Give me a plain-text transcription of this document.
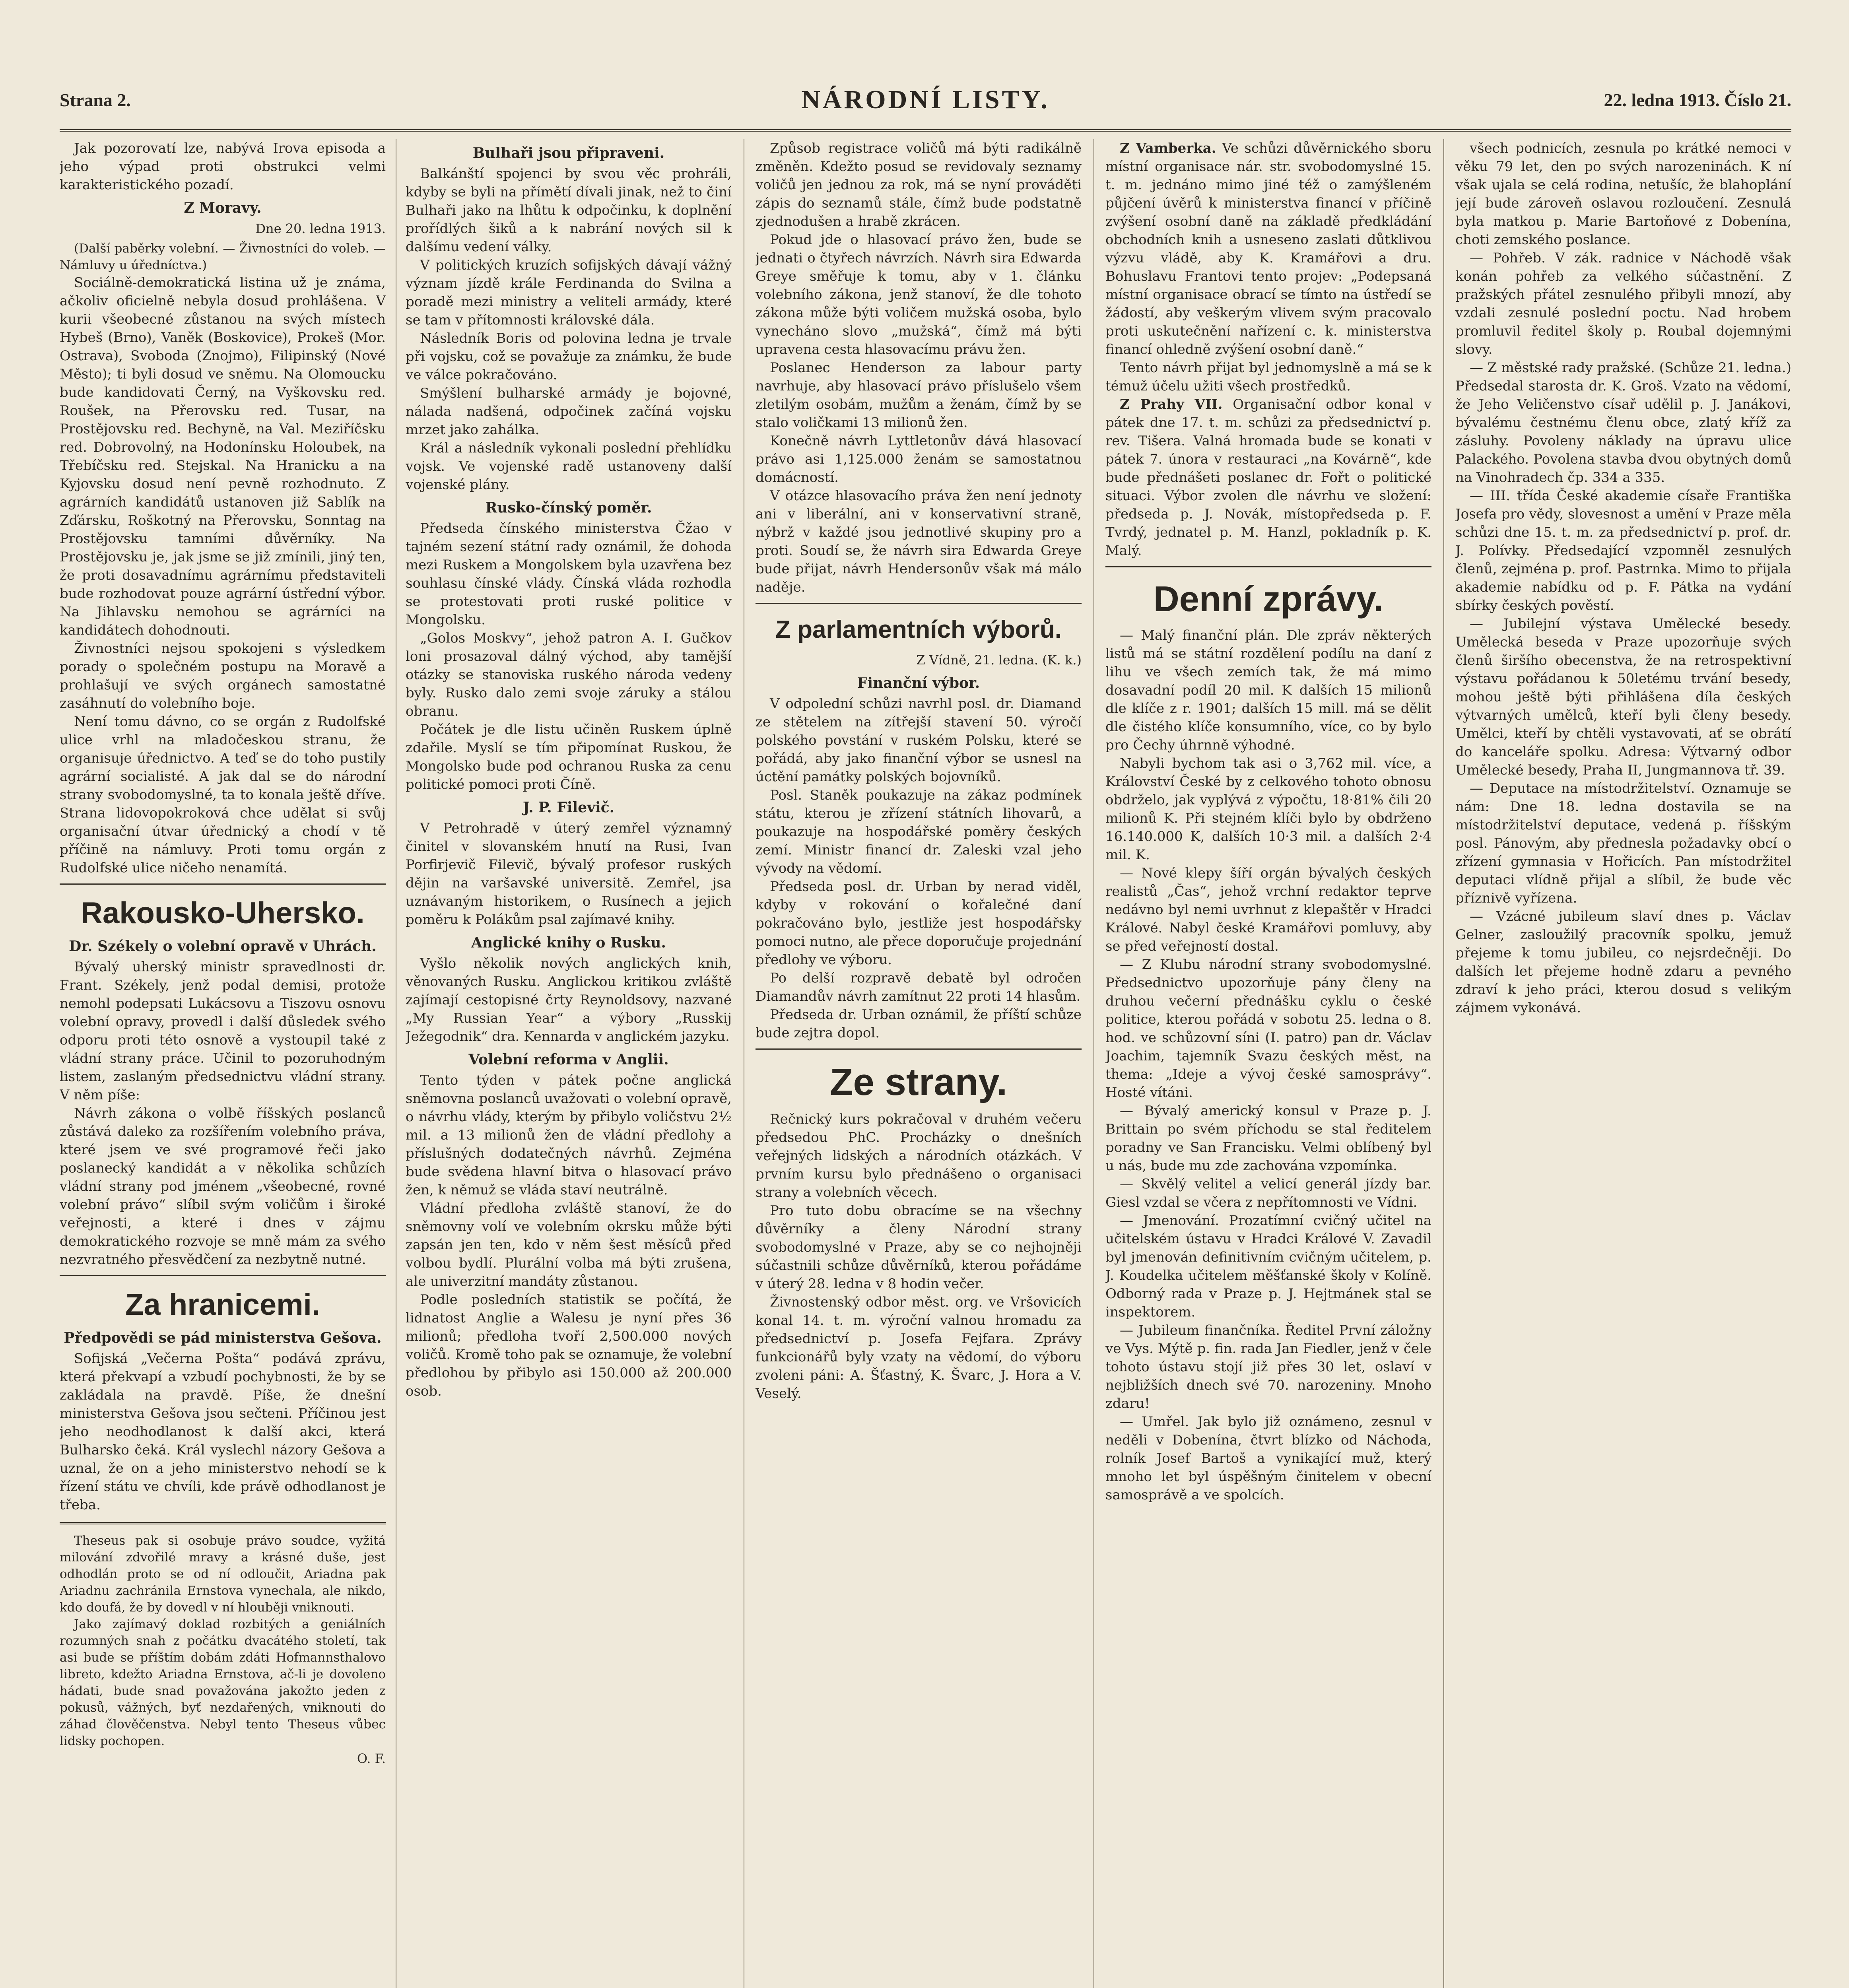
Strana 2.	NÁRODNÍ LISTY.	22. ledna 1913. Číslo 21.

Jak pozorovatí lze, nabývá Irova episoda a jeho výpad proti obstrukci velmi karakteristického pozadí.

Z Moravy.
Dne 20. ledna 1913.

(Další paběrky volební. — Živnostníci do voleb. — Námluvy u úředníctva.)

Sociálně-demokratická listina už je známa, ačkoliv oficielně nebyla dosud prohlášena. V kurii všeobecné zůstanou na svých místech Hybeš (Brno), Vaněk (Boskovice), Prokeš (Mor. Ostrava), Svoboda (Znojmo), Filipinský (Nové Město); ti byli dosud ve sněmu. Na Olomoucku bude kandidovati Černý, na Vyškovsku red. Roušek, na Přerovsku red. Tusar, na Prostějovsku red. Bechyně, na Val. Meziříčsku red. Dobrovolný, na Hodonínsku Holoubek, na Třebíčsku red. Stejskal. Na Hranicku a na Kyjovsku dosud není pevně rozhodnuto. Z agrárních kandidátů ustanoven již Sablík na Zďársku, Roškotný na Přerovsku, Sonntag na Prostějovsku tamními důvěrníky. Na Prostějovsku je, jak jsme se již zmínili, jiný ten, že proti dosavadnímu agrárnímu představiteli bude rozhodovat pouze agrární ústřední výbor. Na Jihlavsku nemohou se agrárníci na kandidátech dohodnouti.

Živnostníci nejsou spokojeni s výsledkem porady o společném postupu na Moravě a prohlašují ve svých orgánech samostatné zasáhnutí do volebního boje.

Není tomu dávno, co se orgán z Rudolfské ulice vrhl na mladočeskou stranu, že organisuje úřednictvo. A teď se do toho pustily agrární socialisté. A jak dal se do národní strany svobodomyslné, ta to konala ještě dříve. Strana lidovopokroková chce udělat si svůj organisační útvar úřednický a chodí v tě příčině na námluvy. Proti tomu orgán z Rudolfské ulice ničeho nenamítá.

Rakousko-Uhersko.
Dr. Székely o volební opravě v Uhrách.

Bývalý uherský ministr spravedlnosti dr. Frant. Székely, jenž podal demisi, protože nemohl podepsati Lukácsovu a Tiszovu osnovu volební opravy, provedl i další důsledek svého odporu proti této osnově a vystoupil také z vládní strany práce. Učinil to pozoruhodným listem, zaslaným předsednictvu vládní strany. V něm píše:

Návrh zákona o volbě říšských poslanců zůstává daleko za rozšířením volebního práva, které jsem ve své programové řeči jako poslanecký kandidát a v několika schůzích vládní strany pod jménem „všeobecné, rovné volební právo“ slíbil svým voličům i široké veřejnosti, a které i dnes v zájmu demokratického rozvoje se mně mám za svého nezvratného přesvědčení za nezbytně nutné.

Za hranicemi.
Předpovědi se pád ministerstva Gešova.

Sofijská „Večerna Pošta“ podává zprávu, která překvapí a vzbudí pochybnosti, že by se zakládala na pravdě. Píše, že dnešní ministerstva Gešova jsou sečteni. Příčinou jest jeho neodhodlanost k další akci, která Bulharsko čeká. Král vyslechl názory Gešova a uznal, že on a jeho ministerstvo nehodí se k řízení státu ve chvíli, kde právě odhodlanost je třeba.

Theseus pak si osobuje právo soudce, vyžitá milování zdvořilé mravy a krásné duše, jest odhodlán proto se od ní odloučit, Ariadna pak Ariadnu zachránila Ernstova vynechala, ale nikdo, kdo doufá, že by dovedl v ní hlouběji vniknouti.

Jako zajímavý doklad rozbitých a geniálních rozumných snah z počátku dvacátého století, tak asi bude se příštím dobám zdáti Hofmannsthalovo libreto, kdežto Ariadna Ernstova, ač-li je dovoleno hádati, bude snad považována jakožto jeden z pokusů, vážných, byť nezdařených, vniknouti do záhad člověčenstva. Nebyl tento Theseus vůbec lidsky pochopen.

O. F.
Bulhaři jsou připraveni.

Balkánští spojenci by svou věc prohráli, kdyby se byli na přímětí dívali jinak, než to činí Bulhaři jako na lhůtu k odpočinku, k doplnění prořídlých šiků a k nabrání nových sil k dalšímu vedení války.

V politických kruzích sofijských dávají vážný význam jízdě krále Ferdinanda do Svilna a poradě mezi ministry a veliteli armády, které se tam v přítomnosti královské dála.

Následník Boris od polovina ledna je trvale při vojsku, což se považuje za známku, že bude ve válce pokračováno.

Smýšlení bulharské armády je bojovné, nálada nadšená, odpočinek začíná vojsku mrzet jako zahálka.

Král a následník vykonali poslední přehlídku vojsk. Ve vojenské radě ustanoveny další vojenské plány.

Rusko-čínský poměr.

Předseda čínského ministerstva Čžao v tajném sezení státní rady oznámil, že dohoda mezi Ruskem a Mongolskem byla uzavřena bez souhlasu čínské vlády. Čínská vláda rozhodla se protestovati proti ruské politice v Mongolsku.

„Golos Moskvy“, jehož patron A. I. Gučkov loni prosazoval dálný východ, aby tamější otázky se stanoviska ruského národa vedeny byly. Rusko dalo zemi svoje záruky a stálou obranu.

Počátek je dle listu učiněn Ruskem úplně zdařile. Myslí se tím připomínat Ruskou, že Mongolsko bude pod ochranou Ruska za cenu politické pomoci proti Číně.

J. P. Filevič.

V Petrohradě v úterý zemřel významný činitel v slovanském hnutí na Rusi, Ivan Porfirjevič Filevič, bývalý profesor ruských dějin na varšavské universitě. Zemřel, jsa uznávaným historikem, o Rusínech a jejich poměru k Polákům psal zajímavé knihy.

Anglické knihy o Rusku.

Vyšlo několik nových anglických knih, věnovaných Rusku. Anglickou kritikou zvláště zajímají cestopisné črty Reynoldsovy, nazvané „My Russian Year“ a výbory „Russkij Ježegodnik“ dra. Kennarda v anglickém jazyku.

Volební reforma v Anglii.

Tento týden v pátek počne anglická sněmovna poslanců uvažovati o volební opravě, o návrhu vlády, kterým by přibylo voličstvu 2½ mil. a 13 milionů žen de vládní předlohy a příslušných dodatečných návrhů. Zejména bude svědena hlavní bitva o hlasovací právo žen, k němuž se vláda staví neutrálně.

Vládní předloha zvláště stanoví, že do sněmovny volí ve volebním okrsku může býti zapsán jen ten, kdo v něm šest měsíců před volbou bydlí. Plurální volba má býti zrušena, ale univerzitní mandáty zůstanou.

Podle posledních statistik se počítá, že lidnatost Anglie a Walesu je nyní přes 36 milionů; předloha tvoří 2,500.000 nových voličů. Kromě toho pak se oznamuje, že volební předlohou by přibylo asi 150.000 až 200.000 osob.

Způsob registrace voličů má býti radikálně změněn. Kdežto posud se revidovaly seznamy voličů jen jednou za rok, má se nyní prováděti zápis do seznamů stále, čímž bude podstatně zjednodušen a hrabě zkrácen.

Pokud jde o hlasovací právo žen, bude se jednati o čtyřech návrzích. Návrh sira Edwarda Greye směřuje k tomu, aby v 1. článku volebního zákona, jenž stanoví, že dle tohoto zákona může býti voličem mužská osoba, bylo vynecháno slovo „mužská“, čímž má býti upravena cesta hlasovacímu právu žen.

Poslanec Henderson za labour party navrhuje, aby hlasovací právo příslušelo všem zletilým osobám, mužům a ženám, čímž by se stalo voličkami 13 milionů žen.

Konečně návrh Lyttletonův dává hlasovací právo asi 1,125.000 ženám se samostatnou domácností.

V otázce hlasovacího práva žen není jednoty ani v liberální, ani v konservativní straně, nýbrž v každé jsou jednotlivé skupiny pro a proti. Soudí se, že návrh sira Edwarda Greye bude přijat, návrh Hendersonův však má málo naděje.

Z parlamentních výborů.
Z Vídně, 21. ledna. (K. k.)
Finanční výbor.

V odpolední schůzi navrhl posl. dr. Diamand ze stětelem na zítřejší stavení 50. výročí polského povstání v ruském Polsku, které se pořádá, aby jako finanční výbor se usnesl na úctění památky polských bojovníků.

Posl. Staněk poukazuje na zákaz podmínek státu, kterou je zřízení státních lihovarů, a poukazuje na hospodářské poměry českých zemí. Ministr financí dr. Zaleski vzal jeho vývody na vědomí.

Předseda posl. dr. Urban by nerad viděl, kdyby v rokování o kořalečné daní pokračováno bylo, jestliže jest hospodářsky pomoci nutno, ale přece doporučuje projednání předlohy ve výboru.

Po delší rozpravě debatě byl odročen Diamandův návrh zamítnut 22 proti 14 hlasům.

Předseda dr. Urban oznámil, že příští schůze bude zejtra dopol.

Ze strany.

Rečnický kurs pokračoval v druhém večeru předsedou PhC. Procházky o dnešních veřejných lidských a národních otázkách. V prvním kursu bylo přednášeno o organisaci strany a volebních věcech.

Pro tuto dobu obracíme se na všechny důvěrníky a členy Národní strany svobodomyslné v Praze, aby se co nejhojněji súčastnili schůze důvěrníků, kterou pořádáme v úterý 28. ledna v 8 hodin večer.

Živnostenský odbor měst. org. ve Vršovicích konal 14. t. m. výroční valnou hromadu za předsednictví p. Josefa Fejfara. Zprávy funkcionářů byly vzaty na vědomí, do výboru zvoleni páni: A. Šťastný, K. Švarc, J. Hora a V. Veselý.

Z Vamberka. Ve schůzi důvěrnického sboru místní organisace nár. str. svobodomyslné 15. t. m. jednáno mimo jiné též o zamýšleném půjčení úvěrů k ministerstva financí v příčině zvýšení osobní daně na základě předkládání obchodních knih a usneseno zaslati důtklivou výzvu vládě, aby K. Kramářovi a dru. Bohuslavu Frantovi tento projev: „Podepsaná místní organisace obrací se tímto na ústředí se žádostí, aby veškerým vlivem svým pracovalo proti uskutečnění nařízení c. k. ministerstva financí ohledně zvýšení osobní daně.“

Tento návrh přijat byl jednomyslně a má se k témuž účelu užiti všech prostředků.

Z Prahy VII. Organisační odbor konal v pátek dne 17. t. m. schůzi za předsednictví p. rev. Tišera. Valná hromada bude se konati v pátek 7. února v restauraci „na Kovárně“, kde bude přednášeti poslanec dr. Fořt o politické situaci. Výbor zvolen dle návrhu ve složení: předseda p. J. Novák, místopředseda p. F. Tvrdý, jednatel p. M. Hanzl, pokladník p. K. Malý.

Denní zprávy.

— Malý finanční plán. Dle zpráv některých listů má se státní rozdělení podílu na daní z lihu ve všech zemích tak, že má mimo dosavadní podíl 20 mil. K dalších 15 milionů dle klíče z r. 1901; dalších 15 mill. má se dělit dle čistého klíče konsumního, více, co by bylo pro Čechy úhrnně výhodné.

Nabyli bychom tak asi o 3,762 mil. více, a Království České by z celkového tohoto obnosu obdrželo, jak vyplývá z výpočtu, 18·81% čili 20 milionů K. Při stejném klíči bylo by obdrženo 16.140.000 K, dalších 10·3 mil. a dalších 2·4 mil. K.

— Nové klepy šíří orgán bývalých českých realistů „Čas“, jehož vrchní redaktor teprve nedávno byl nemi uvrhnut z klepaštěr v Hradci Králové. Nabyl české Kramářovi pomluvy, aby se před veřejností dostal.

— Z Klubu národní strany svobodomyslné. Předsednictvo upozorňuje pány členy na druhou večerní přednášku cyklu o české politice, kterou pořádá v sobotu 25. ledna o 8. hod. ve schůzovní síni (I. patro) pan dr. Václav Joachim, tajemník Svazu českých měst, na thema: „Ideje a vývoj české samosprávy“. Hosté vítáni.

— Bývalý americký konsul v Praze p. J. Brittain po svém příchodu se stal ředitelem poradny ve San Francisku. Velmi oblíbený byl u nás, bude mu zde zachována vzpomínka.

— Skvělý velitel a velicí generál jízdy bar. Giesl vzdal se včera z nepřítomnosti ve Vídni.

— Jmenování. Prozatímní cvičný učitel na učitelském ústavu v Hradci Králové V. Zavadil byl jmenován definitivním cvičným učitelem, p. J. Koudelka učitelem měšťanské školy v Kolíně. Odborný rada v Praze p. J. Hejtmánek stal se inspektorem.

— Jubileum finančníka. Ředitel První záložny ve Vys. Mýtě p. fin. rada Jan Fiedler, jenž v čele tohoto ústavu stojí již přes 30 let, oslaví v nejbližších dnech své 70. narozeniny. Mnoho zdaru!

— Umřel. Jak bylo již oznámeno, zesnul v neděli v Dobenína, čtvrt blízko od Náchoda, rolník Josef Bartoš a vynikající muž, který mnoho let byl úspěšným činitelem v obecní samosprávě a ve spolcích.

všech podnicích, zesnula po krátké nemoci v věku 79 let, den po svých narozeninách. K ní však ujala se celá rodina, netušíc, že blahoplání její bude zároveň oslavou rozloučení. Zesnulá byla matkou p. Marie Bartoňové z Dobenína, choti zemského poslance.

— Pohřeb. V zák. radnice v Náchodě však konán pohřeb za velkého súčastnění. Z pražských přátel zesnulého přibyli mnozí, aby vzdali zesnulé poslední poctu. Nad hrobem promluvil ředitel školy p. Roubal dojemnými slovy.

— Z městské rady pražské. (Schůze 21. ledna.) Předsedal starosta dr. K. Groš. Vzato na vědomí, že Jeho Veličenstvo císař udělil p. J. Janákovi, bývalému čestnému členu obce, zlatý kříž za zásluhy. Povoleny náklady na úpravu ulice Palackého. Povolena stavba dvou obytných domů na Vinohradech čp. 334 a 335.

— III. třída České akademie císaře Františka Josefa pro vědy, slovesnost a umění v Praze měla schůzi dne 15. t. m. za předsednictví p. prof. dr. J. Polívky. Předsedající vzpomněl zesnulých členů, zejména p. prof. Pastrnka. Mimo to přijala akademie nabídku od p. F. Pátka na vydání sbírky českých pověstí.

— Jubilejní výstava Umělecké besedy. Umělecká beseda v Praze upozorňuje svých členů širšího obecenstva, že na retrospektivní výstavu pořádanou k 50letému trvání besedy, mohou ještě býti přihlášena díla českých výtvarných umělců, kteří byli členy besedy. Umělci, kteří by chtěli vystavovati, ať se obrátí do kanceláře spolku. Adresa: Výtvarný odbor Umělecké besedy, Praha II, Jungmannova tř. 39.

— Deputace na místodržitelství. Oznamuje se nám: Dne 18. ledna dostavila se na místodržitelství deputace, vedená p. říšským posl. Pánovým, aby přednesla požadavky obcí o zřízení gymnasia v Hořicích. Pan místodržitel deputaci vlídně přijal a slíbil, že bude věc příznivě vyřízena.

— Vzácné jubileum slaví dnes p. Václav Gelner, zasloužilý pracovník spolku, jemuž přejeme k tomu jubileu, co nejsrdečněji. Do dalších let přejeme hodně zdaru a pevného zdraví k jeho práci, kterou dosud s velikým zájmem vykonává.
